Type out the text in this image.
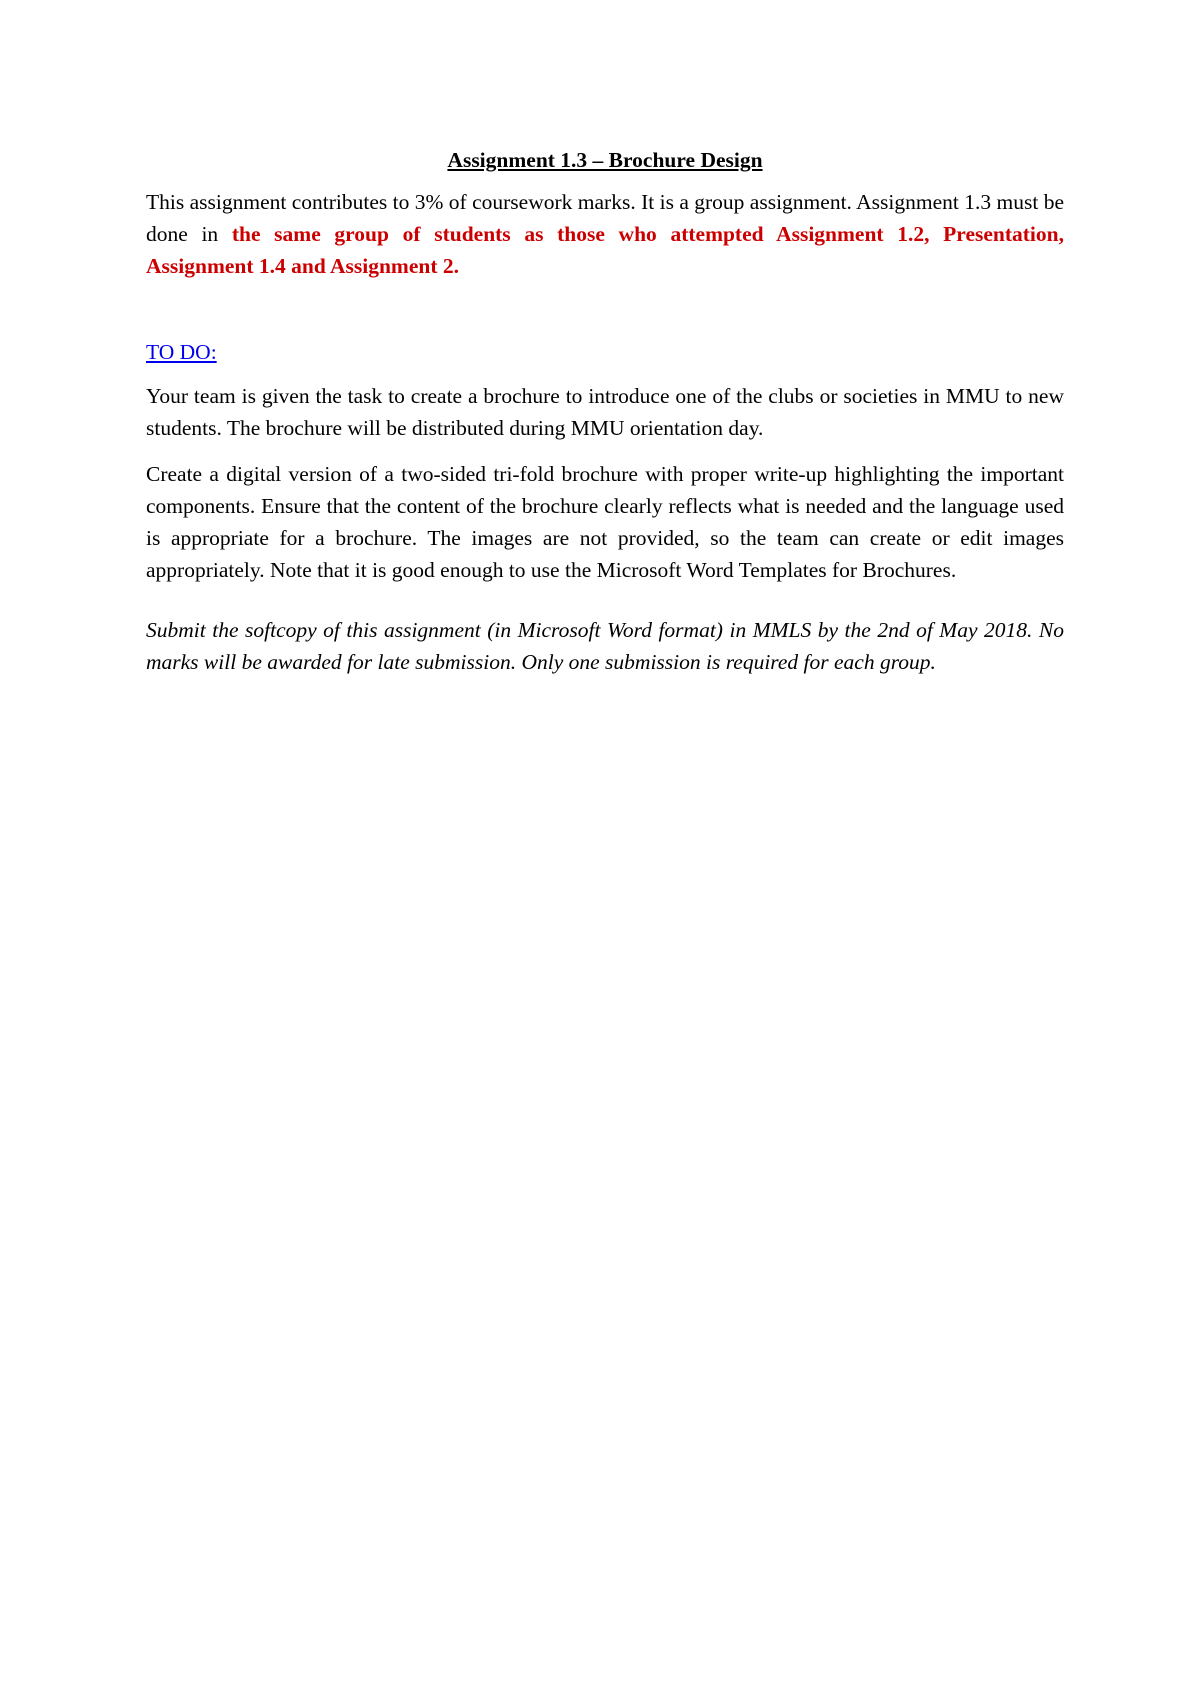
Assignment 1.3 – Brochure Design

This assignment contributes to 3% of coursework marks. It is a group assignment. Assignment 1.3 must be done in the same group of students as those who attempted Assignment 1.2, Presentation, Assignment 1.4 and Assignment 2.

TO DO:

Your team is given the task to create a brochure to introduce one of the clubs or societies in MMU to new students. The brochure will be distributed during MMU orientation day.

Create a digital version of a two-sided tri-fold brochure with proper write-up highlighting the important components. Ensure that the content of the brochure clearly reflects what is needed and the language used is appropriate for a brochure. The images are not provided, so the team can create or edit images appropriately. Note that it is good enough to use the Microsoft Word Templates for Brochures.

Submit the softcopy of this assignment (in Microsoft Word format) in MMLS by the 2nd of May 2018. No marks will be awarded for late submission. Only one submission is required for each group.
